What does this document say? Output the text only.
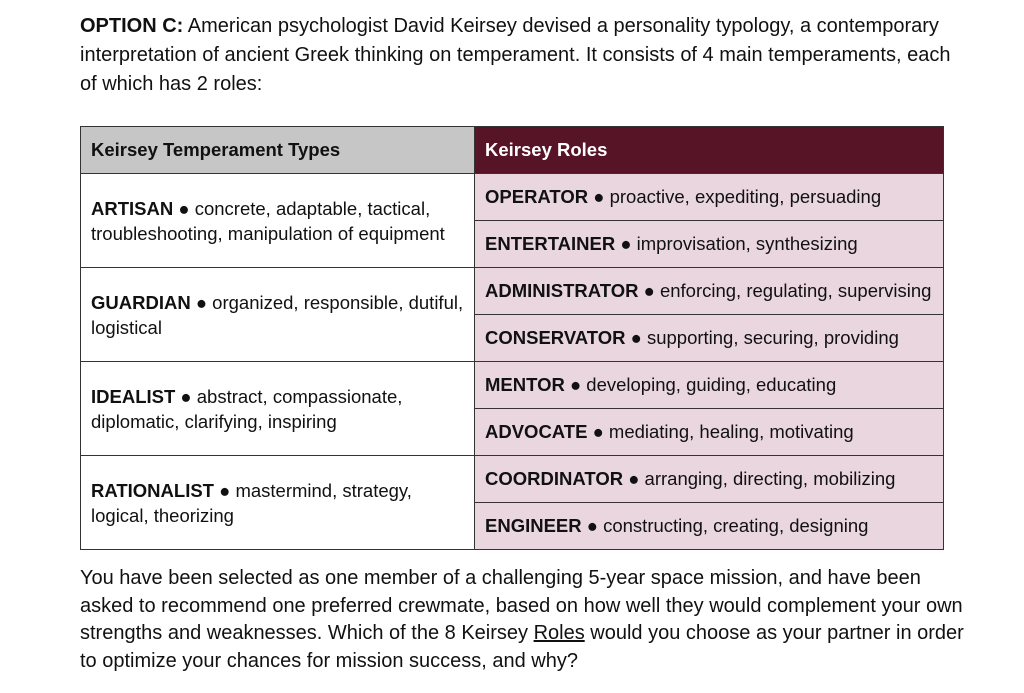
OPTION C: American psychologist David Keirsey devised a personality typology, a contemporary interpretation of ancient Greek thinking on temperament. It consists of 4 main temperaments, each of which has 2 roles:
Keirsey Temperament Types	Keirsey Roles
ARTISAN ● concrete, adaptable, tactical, troubleshooting, manipulation of equipment	OPERATOR ● proactive, expediting, persuading
	ENTERTAINER ● improvisation, synthesizing
GUARDIAN ● organized, responsible, dutiful, logistical	ADMINISTRATOR ● enforcing, regulating, supervising
	CONSERVATOR ● supporting, securing, providing
IDEALIST ● abstract, compassionate, diplomatic, clarifying, inspiring	MENTOR ● developing, guiding, educating
	ADVOCATE ● mediating, healing, motivating
RATIONALIST ● mastermind, strategy, logical, theorizing	COORDINATOR ● arranging, directing, mobilizing
	ENGINEER ● constructing, creating, designing
You have been selected as one member of a challenging 5-year space mission, and have been asked to recommend one preferred crewmate, based on how well they would complement your own strengths and weaknesses. Which of the 8 Keirsey Roles would you choose as your partner in order to optimize your chances for mission success, and why?
